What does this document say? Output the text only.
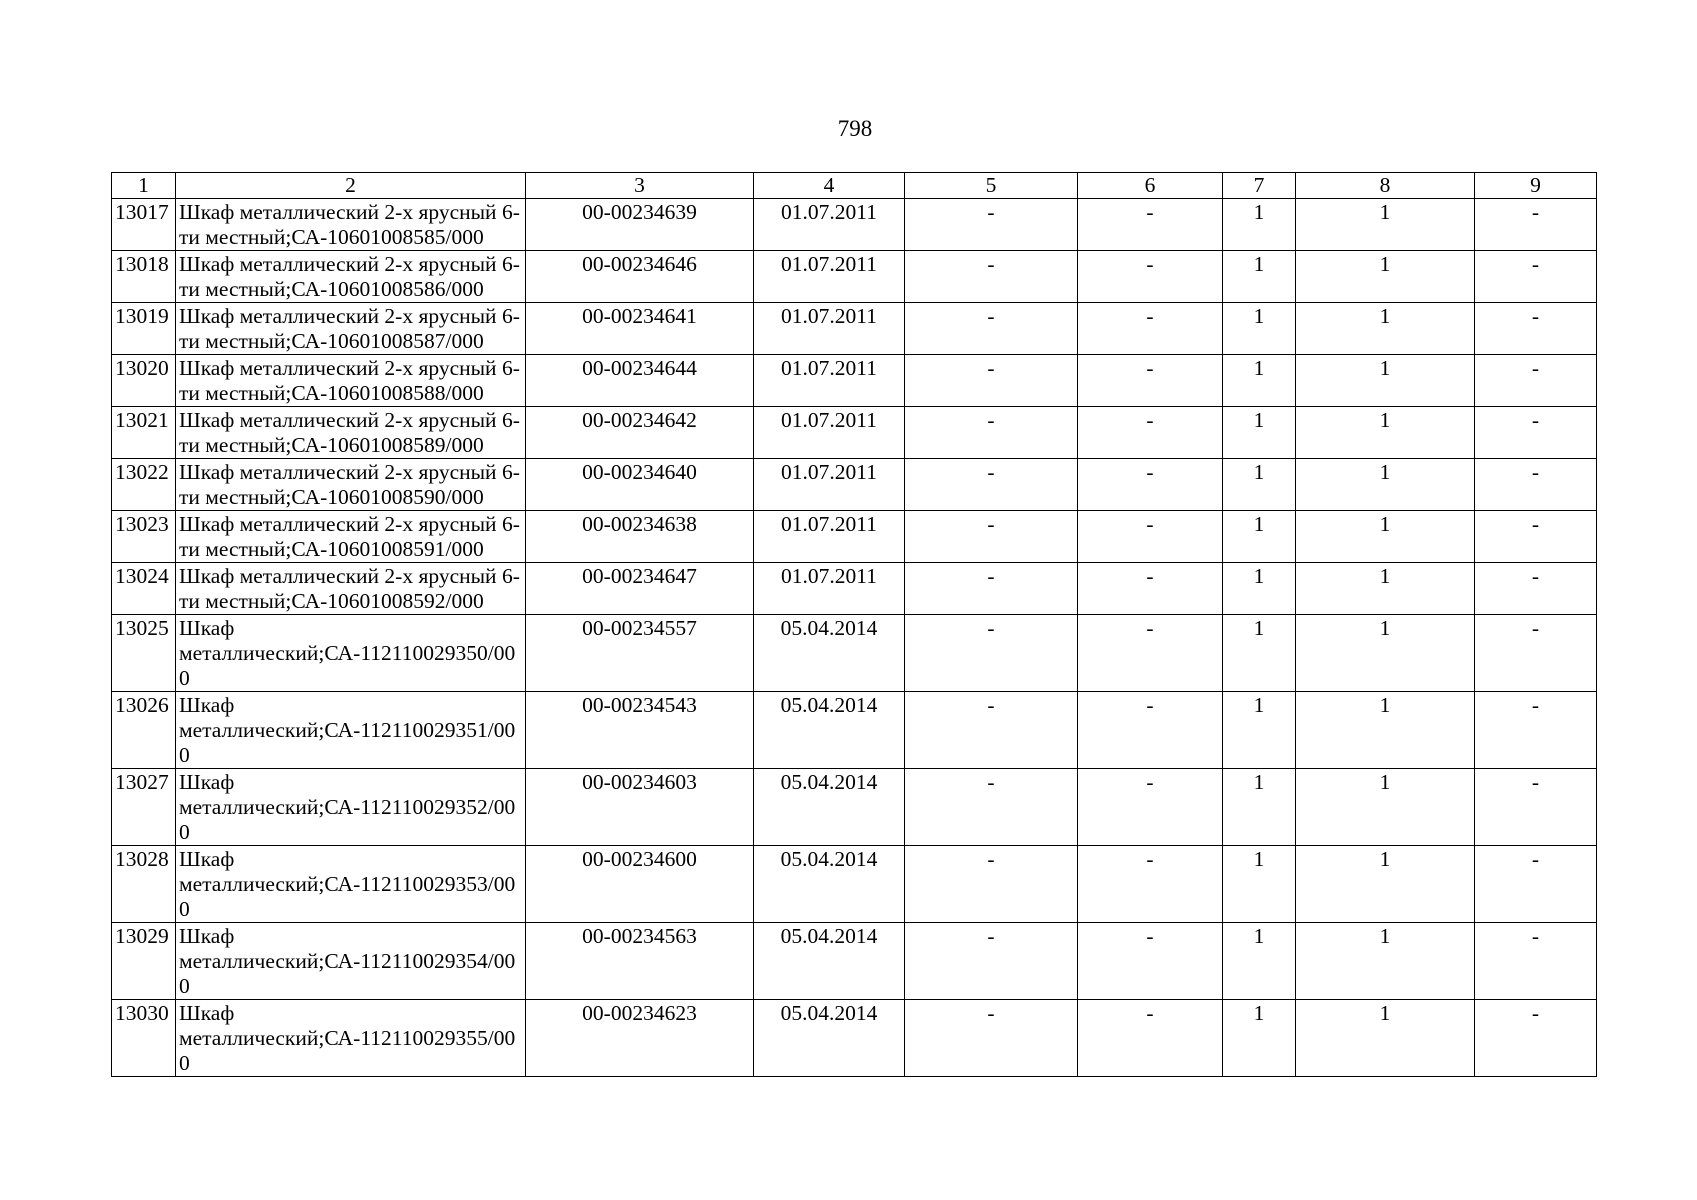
798
1	2	3	4	5	6	7	8	9
13017	Шкаф металлический 2-х ярусный 6-ти местный;СА-10601008585/000	00-00234639	01.07.2011	-	-	1	1	-
13018	Шкаф металлический 2-х ярусный 6-ти местный;СА-10601008586/000	00-00234646	01.07.2011	-	-	1	1	-
13019	Шкаф металлический 2-х ярусный 6-ти местный;СА-10601008587/000	00-00234641	01.07.2011	-	-	1	1	-
13020	Шкаф металлический 2-х ярусный 6-ти местный;СА-10601008588/000	00-00234644	01.07.2011	-	-	1	1	-
13021	Шкаф металлический 2-х ярусный 6-ти местный;СА-10601008589/000	00-00234642	01.07.2011	-	-	1	1	-
13022	Шкаф металлический 2-х ярусный 6-ти местный;СА-10601008590/000	00-00234640	01.07.2011	-	-	1	1	-
13023	Шкаф металлический 2-х ярусный 6-ти местный;СА-10601008591/000	00-00234638	01.07.2011	-	-	1	1	-
13024	Шкаф металлический 2-х ярусный 6-ти местный;СА-10601008592/000	00-00234647	01.07.2011	-	-	1	1	-
13025	Шкаф металлический;СА-112110029350/000	00-00234557	05.04.2014	-	-	1	1	-
13026	Шкаф металлический;СА-112110029351/000	00-00234543	05.04.2014	-	-	1	1	-
13027	Шкаф металлический;СА-112110029352/000	00-00234603	05.04.2014	-	-	1	1	-
13028	Шкаф металлический;СА-112110029353/000	00-00234600	05.04.2014	-	-	1	1	-
13029	Шкаф металлический;СА-112110029354/000	00-00234563	05.04.2014	-	-	1	1	-
13030	Шкаф металлический;СА-112110029355/000	00-00234623	05.04.2014	-	-	1	1	-
